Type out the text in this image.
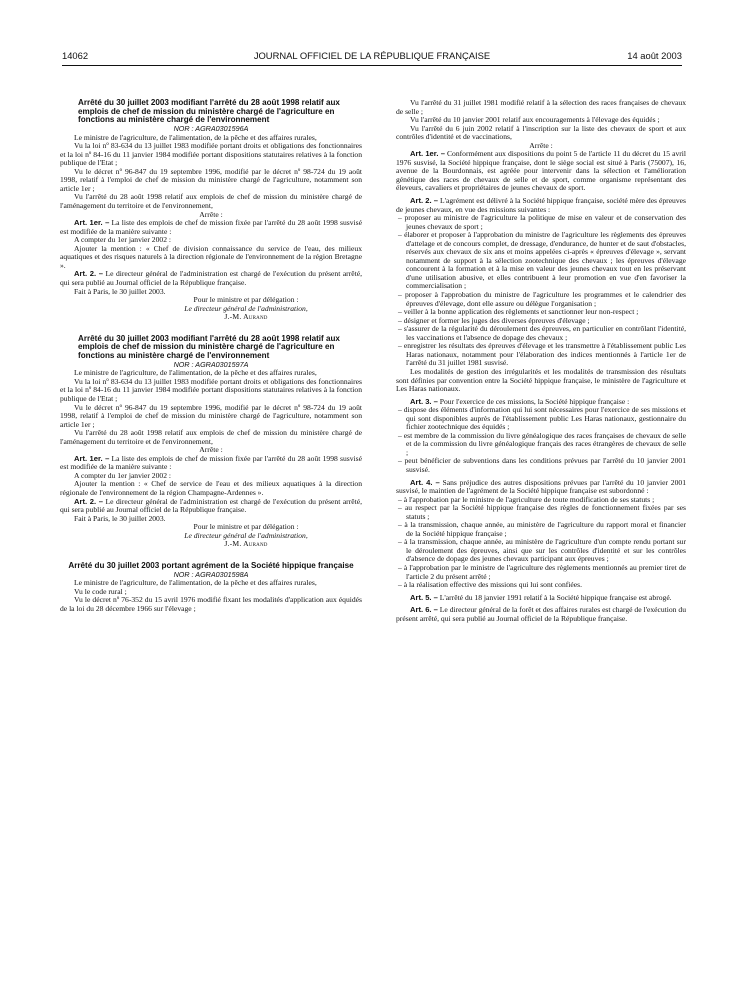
14062	JOURNAL OFFICIEL DE LA RÉPUBLIQUE FRANÇAISE	14 août 2003

Arrêté du 30 juillet 2003 modifiant l'arrêté du 28 août 1998 relatif aux emplois de chef de mission du ministère chargé de l'agriculture en fonctions au ministère chargé de l'environnement

NOR : AGRA0301596A

Le ministre de l'agriculture, de l'alimentation, de la pêche et des affaires rurales,

Vu la loi nº 83-634 du 13 juillet 1983 modifiée portant droits et obligations des fonctionnaires et la loi nº 84-16 du 11 janvier 1984 modifiée portant dispositions statutaires relatives à la fonction publique de l'Etat ;

Vu le décret nº 96-847 du 19 septembre 1996, modifié par le décret nº 98-724 du 19 août 1998, relatif à l'emploi de chef de mission du ministère chargé de l'agriculture, notamment son article 1er ;

Vu l'arrêté du 28 août 1998 relatif aux emplois de chef de mission du ministère chargé de l'aménagement du territoire et de l'environnement,

Arrête :

Art. 1er. – La liste des emplois de chef de mission fixée par l'arrêté du 28 août 1998 susvisé est modifiée de la manière suivante :

A compter du 1er janvier 2002 :

Ajouter la mention : « Chef de division connaissance du service de l'eau, des milieux aquatiques et des risques naturels à la direction régionale de l'environnement de la région Bretagne ».

Art. 2. – Le directeur général de l'administration est chargé de l'exécution du présent arrêté, qui sera publié au Journal officiel de la République française.

Fait à Paris, le 30 juillet 2003.

Pour le ministre et par délégation :

Le directeur général de l'administration,

J.-M. Aurand

Arrêté du 30 juillet 2003 modifiant l'arrêté du 28 août 1998 relatif aux emplois de chef de mission du ministère chargé de l'agriculture en fonctions au ministère chargé de l'environnement

NOR : AGRA0301597A

Le ministre de l'agriculture, de l'alimentation, de la pêche et des affaires rurales,

Vu la loi nº 83-634 du 13 juillet 1983 modifiée portant droits et obligations des fonctionnaires et la loi nº 84-16 du 11 janvier 1984 modifiée portant dispositions statutaires relatives à la fonction publique de l'Etat ;

Vu le décret nº 96-847 du 19 septembre 1996, modifié par le décret nº 98-724 du 19 août 1998, relatif à l'emploi de chef de mission du ministère chargé de l'agriculture, notamment son article 1er ;

Vu l'arrêté du 28 août 1998 relatif aux emplois de chef de mission du ministère chargé de l'aménagement du territoire et de l'environnement,

Arrête :

Art. 1er. – La liste des emplois de chef de mission fixée par l'arrêté du 28 août 1998 susvisé est modifiée de la manière suivante :

A compter du 1er janvier 2002 :

Ajouter la mention : « Chef de service de l'eau et des milieux aquatiques à la direction régionale de l'environnement de la région Champagne-Ardennes ».

Art. 2. – Le directeur général de l'administration est chargé de l'exécution du présent arrêté, qui sera publié au Journal officiel de la République française.

Fait à Paris, le 30 juillet 2003.

Pour le ministre et par délégation :

Le directeur général de l'administration,

J.-M. Aurand

Arrêté du 30 juillet 2003 portant agrément de la Société hippique française

NOR : AGRA0301598A

Le ministre de l'agriculture, de l'alimentation, de la pêche et des affaires rurales,

Vu le code rural ;

Vu le décret nº 76-352 du 15 avril 1976 modifié fixant les modalités d'application aux équidés de la loi du 28 décembre 1966 sur l'élevage ;

Vu l'arrêté du 31 juillet 1981 modifié relatif à la sélection des races françaises de chevaux de selle ;

Vu l'arrêté du 10 janvier 2001 relatif aux encouragements à l'élevage des équidés ;

Vu l'arrêté du 6 juin 2002 relatif à l'inscription sur la liste des chevaux de sport et aux contrôles d'identité et de vaccinations,

Arrête :

Art. 1er. – Conformément aux dispositions du point 5 de l'article 11 du décret du 15 avril 1976 susvisé, la Société hippique française, dont le siège social est situé à Paris (75007), 16, avenue de la Bourdonnais, est agréée pour intervenir dans la sélection et l'amélioration génétique des races de chevaux de selle et de sport, comme organisme représentant des éleveurs, cavaliers et propriétaires de jeunes chevaux de sport.

Art. 2. – L'agrément est délivré à la Société hippique française, société mère des épreuves de jeunes chevaux, en vue des missions suivantes :

– proposer au ministre de l'agriculture la politique de mise en valeur et de conservation des jeunes chevaux de sport ;
– élaborer et proposer à l'approbation du ministre de l'agriculture les règlements des épreuves d'attelage et de concours complet, de dressage, d'endurance, de hunter et de saut d'obstacles, réservés aux chevaux de six ans et moins appelées ci-après « épreuves d'élevage », servant notamment de support à la sélection zootechnique des chevaux ; les épreuves d'élevage concourent à la formation et à la mise en valeur des jeunes chevaux tout en les préservant d'une utilisation abusive, et elles contribuent à leur promotion en vue d'en favoriser la commercialisation ;
– proposer à l'approbation du ministre de l'agriculture les programmes et le calendrier des épreuves d'élevage, dont elle assure ou délègue l'organisation ;
– veiller à la bonne application des règlements et sanctionner leur non-respect ;
– désigner et former les juges des diverses épreuves d'élevage ;
– s'assurer de la régularité du déroulement des épreuves, en particulier en contrôlant l'identité, les vaccinations et l'absence de dopage des chevaux ;
– enregistrer les résultats des épreuves d'élevage et les transmettre à l'établissement public Les Haras nationaux, notamment pour l'élaboration des indices mentionnés à l'article 1er de l'arrêté du 31 juillet 1981 susvisé.

Les modalités de gestion des irrégularités et les modalités de transmission des résultats sont définies par convention entre la Société hippique française, le ministère de l'agriculture et Les Haras nationaux.

Art. 3. – Pour l'exercice de ces missions, la Société hippique française :

– dispose des éléments d'information qui lui sont nécessaires pour l'exercice de ses missions et qui sont disponibles auprès de l'établissement public Les Haras nationaux, gestionnaire du fichier zootechnique des équidés ;
– est membre de la commission du livre généalogique des races françaises de chevaux de selle et de la commission du livre généalogique français des races étrangères de chevaux de selle ;
– peut bénéficier de subventions dans les conditions prévues par l'arrêté du 10 janvier 2001 susvisé.

Art. 4. – Sans préjudice des autres dispositions prévues par l'arrêté du 10 janvier 2001 susvisé, le maintien de l'agrément de la Société hippique française est subordonné :

– à l'approbation par le ministre de l'agriculture de toute modification de ses statuts ;
– au respect par la Société hippique française des règles de fonctionnement fixées par ses statuts ;
– à la transmission, chaque année, au ministère de l'agriculture du rapport moral et financier de la Société hippique française ;
– à la transmission, chaque année, au ministère de l'agriculture d'un compte rendu portant sur le déroulement des épreuves, ainsi que sur les contrôles d'identité et sur les contrôles d'absence de dopage des jeunes chevaux participant aux épreuves ;
– à l'approbation par le ministre de l'agriculture des règlements mentionnés au premier tiret de l'article 2 du présent arrêté ;
– à la réalisation effective des missions qui lui sont confiées.

Art. 5. – L'arrêté du 18 janvier 1991 relatif à la Société hippique française est abrogé.

Art. 6. – Le directeur général de la forêt et des affaires rurales est chargé de l'exécution du présent arrêté, qui sera publié au Journal officiel de la République française.
